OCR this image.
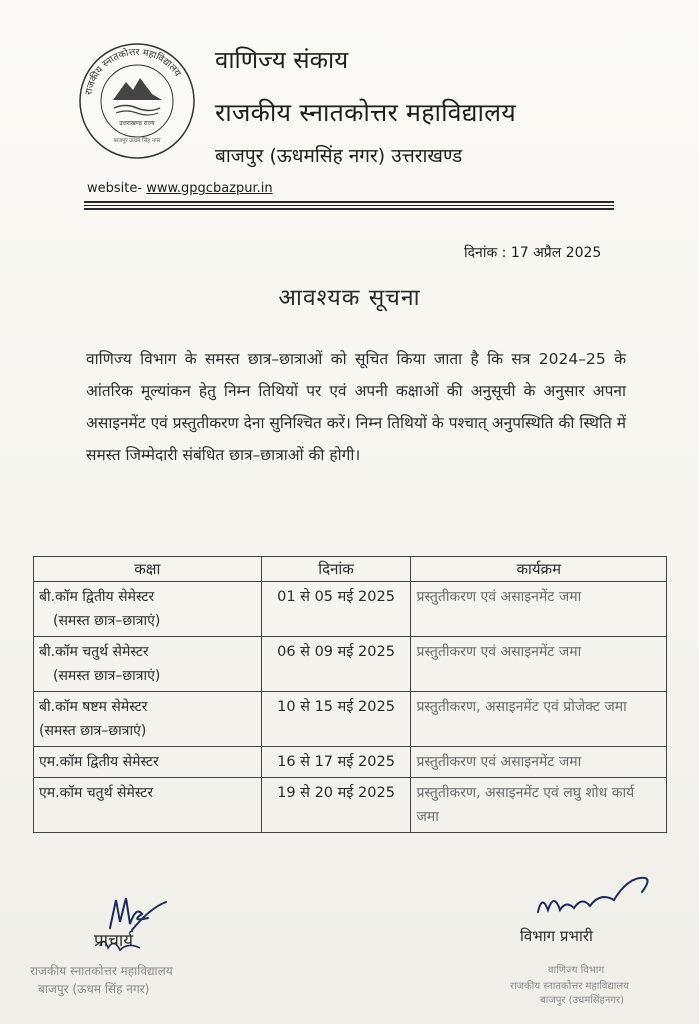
राजकीय स्नातकोत्तर महाविद्यालय
उत्तराखण्ड राज्य
बाजपुर ऊधम सिंह नगर
वाणिज्य संकाय
राजकीय स्नातकोत्तर महाविद्यालय
बाजपुर (ऊधमसिंह नगर) उत्तराखण्ड
website- www.gpgcbazpur.in
दिनांक : 17 अप्रैल 2025
आवश्यक सूचना

वाणिज्य विभाग के समस्त छात्र–छात्राओं को सूचित किया जाता है कि सत्र 2024–25 के आंतरिक मूल्यांकन हेतु निम्न तिथियों पर एवं अपनी कक्षाओं की अनुसूची के अनुसार अपना असाइनमेंट एवं प्रस्तुतीकरण देना सुनिश्चित करें। निम्न तिथियों के पश्चात् अनुपस्थिति की स्थिति में समस्त जिम्मेदारी संबंधित छात्र–छात्राओं की होगी।

कक्षा	दिनांक	कार्यक्रम

बी.कॉम द्वितीय सेमेस्टर
(समस्त छात्र–छात्राएं)	01 से 05 मई 2025	प्रस्तुतीकरण एवं असाइनमेंट जमा

बी.कॉम चतुर्थ सेमेस्टर
(समस्त छात्र–छात्राएं)	06 से 09 मई 2025	प्रस्तुतीकरण एवं असाइनमेंट जमा

बी.कॉम षष्टम सेमेस्टर
(समस्त छात्र–छात्राएं)	10 से 15 मई 2025	प्रस्तुतीकरण, असाइनमेंट एवं प्रोजेक्ट जमा

एम.कॉम द्वितीय सेमेस्टर	16 से 17 मई 2025	प्रस्तुतीकरण एवं असाइनमेंट जमा

एम.कॉम चतुर्थ सेमेस्टर	19 से 20 मई 2025	प्रस्तुतीकरण, असाइनमेंट एवं लघु शोध कार्य जमा
प्राचार्य
राजकीय स्नातकोत्तर महाविद्यालय
बाजपुर (ऊधम सिंह नगर)
विभाग प्रभारी
वाणिज्य विभाग
राजकीय स्नातकोत्तर महाविद्यालय
बाजपुर (उधमसिंहनगर)
